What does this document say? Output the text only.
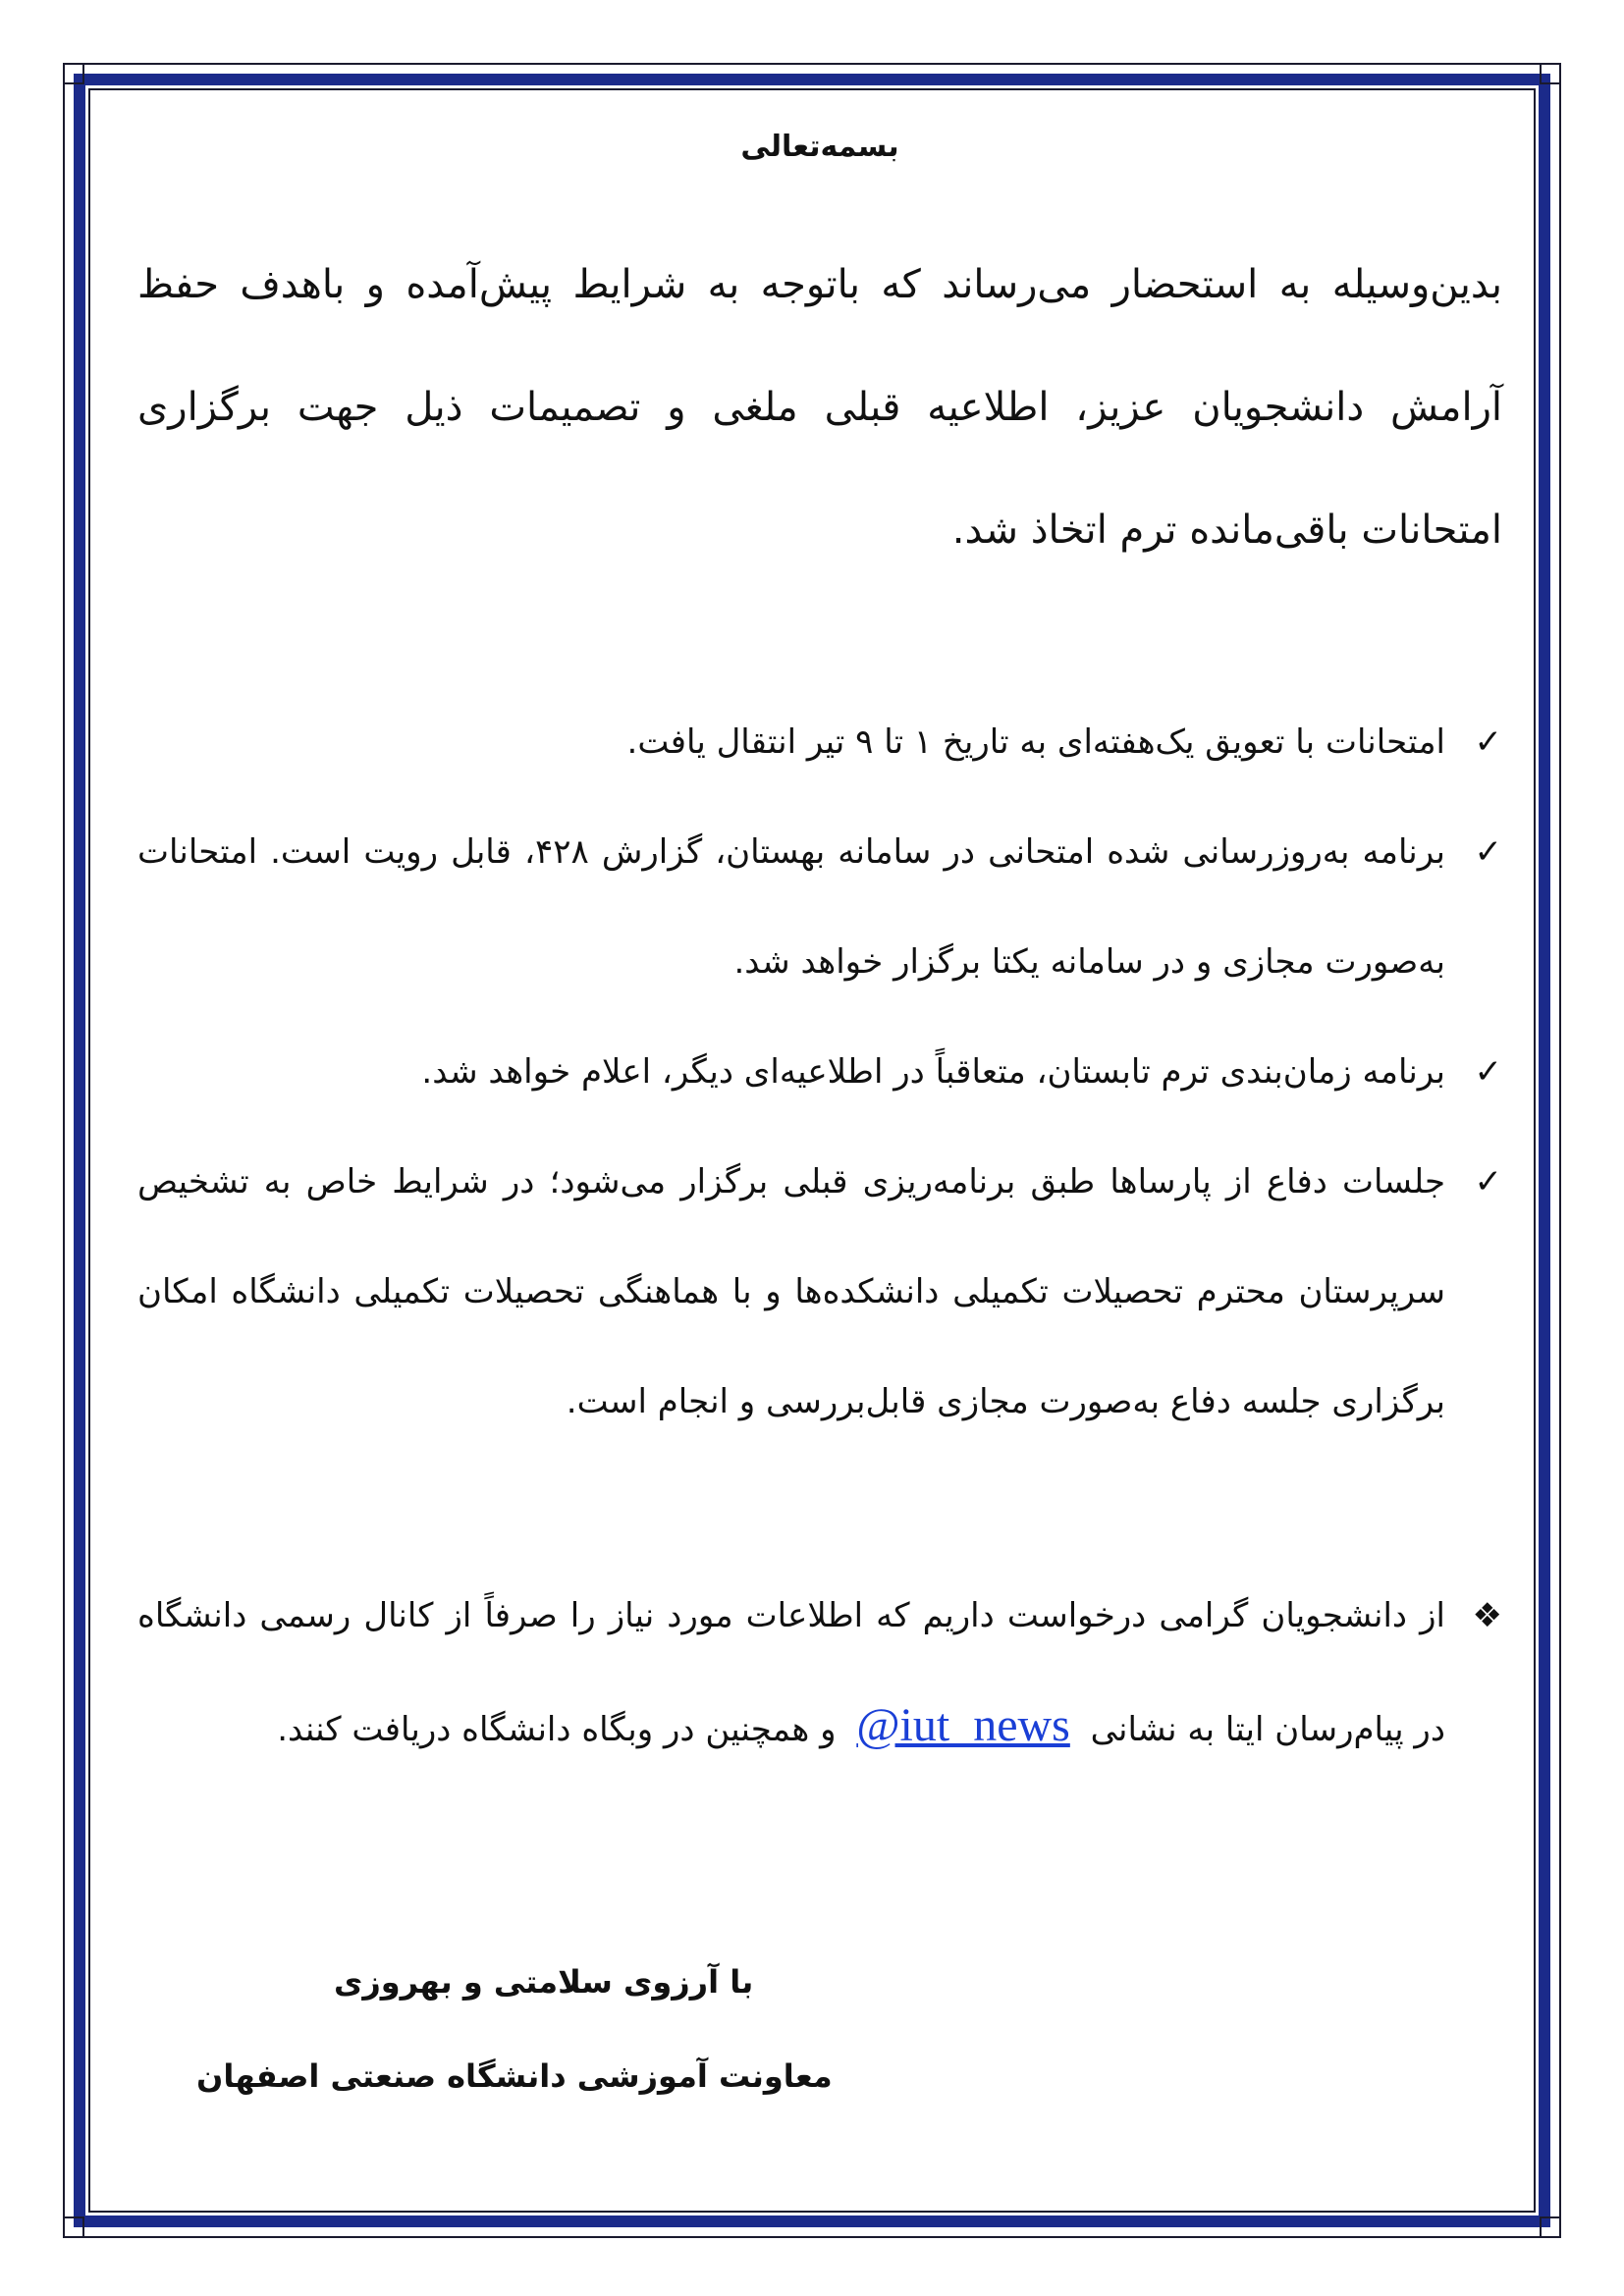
بسمه‌تعالی

بدین‌وسیله به استحضار می‌رساند که باتوجه به شرایط پیش‌آمده و باهدف حفظ آرامش دانشجویان عزیز، اطلاعیه قبلی ملغی و تصمیمات ذیل جهت برگزاری امتحانات باقی‌مانده ترم اتخاذ شد.

✓
امتحانات با تعویق یک‌هفته‌ای به تاریخ ۱ تا ۹ تیر انتقال یافت.
✓
برنامه به‌روزرسانی شده امتحانی در سامانه بهستان، گزارش ۴۲۸، قابل رویت است. امتحانات به‌صورت مجازی و در سامانه یکتا برگزار خواهد شد.
✓
برنامه زمان‌بندی ترم تابستان، متعاقباً در اطلاعیه‌ای دیگر، اعلام خواهد شد.
✓
جلسات دفاع از پارساها طبق برنامه‌ریزی قبلی برگزار می‌شود؛ در شرایط خاص به تشخیص سرپرستان محترم تحصیلات تکمیلی دانشکده‌ها و با هماهنگی تحصیلات تکمیلی دانشگاه امکان برگزاری جلسه دفاع به‌صورت مجازی قابل‌بررسی و انجام است.

❖
از دانشجویان گرامی درخواست داریم که اطلاعات مورد نیاز را صرفاً از کانال رسمی دانشگاه در پیام‌رسان ایتا به نشانی @iut_news و همچنین در وبگاه دانشگاه دریافت کنند.

با آرزوی سلامتی و بهروزی
معاونت آموزشی دانشگاه صنعتی اصفهان
